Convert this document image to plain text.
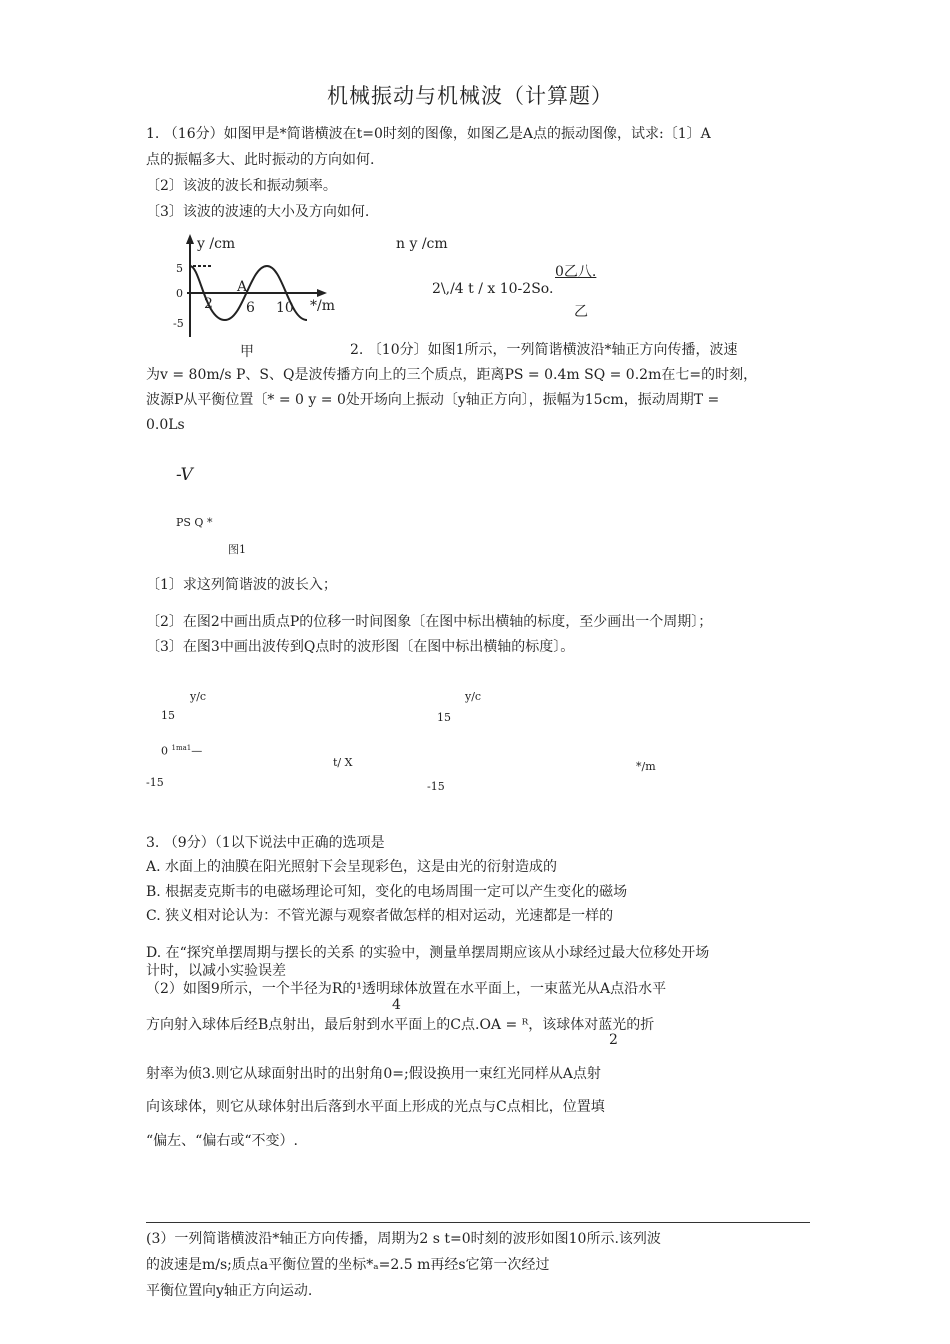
机械振动与机械波（计算题）
1. （16分）如图甲是*简谐横波在t=0时刻的图像，如图乙是A点的振动图像，试求:〔1〕A
点的振幅多大、此时振动的方向如何.
〔2〕该波的波长和振动频率。
〔3〕该波的波速的大小及方向如何.
y /cm
5
0
-5
2 6 10
A
*/m
甲
n y /cm
0乙八.
2\,/4 t / x 10-2So.
乙
2. 〔10分〕如图1所示，一列简谐横波沿*轴正方向传播，波速
为v = 80m/s P、S、Q是波传播方向上的三个质点，距离PS = 0.4m SQ = 0.2m在七=的时刻，
波源P从平衡位置〔* = 0 y = 0处开场向上振动〔y轴正方向〕，振幅为15cm，振动周期T =
0.0Ls
-V
PS Q *
图1
〔1〕求这列简谐波的波长入；
〔2〕在图2中画出质点P的位移一时间图象〔在图中标出横轴的标度，至少画出一个周期〕；
〔3〕在图3中画出波传到Q点时的波形图〔在图中标出横轴的标度〕。
y/c
15
0 $^{1ma1}$—
t/ X
-15
y/c
15
*/m
-15
3. （9分）（1以下说法中正确的选项是
A. 水面上的油膜在阳光照射下会呈现彩色，这是由光的衍射造成的
B. 根据麦克斯韦的电磁场理论可知，变化的电场周围一定可以产生变化的磁场
C. 狭义相对论认为：不管光源与观察者做怎样的相对运动，光速都是一样的
D. 在“探究单摆周期与摆长的关系 的实验中，测量单摆周期应该从小球经过最大位移处开场
计时，以减小实验误差
（2）如图9所示，一个半径为R的¹透明球体放置在水平面上，一束蓝光从A点沿水平
4
方向射入球体后经B点射出，最后射到水平面上的C点.OA = ᴿ，该球体对蓝光的折
2
射率为侦3.则它从球面射出时的出射角0=;假设换用一束红光同样从A点射
向该球体，则它从球体射出后落到水平面上形成的光点与C点相比，位置填
“偏左、“偏右或“不变）.
(3）一列简谐横波沿*轴正方向传播，周期为2 s t=0时刻的波形如图10所示.该列波
的波速是m/s;质点a平衡位置的坐标*ₐ=2.5 m再经s它第一次经过
平衡位置向y轴正方向运动.
